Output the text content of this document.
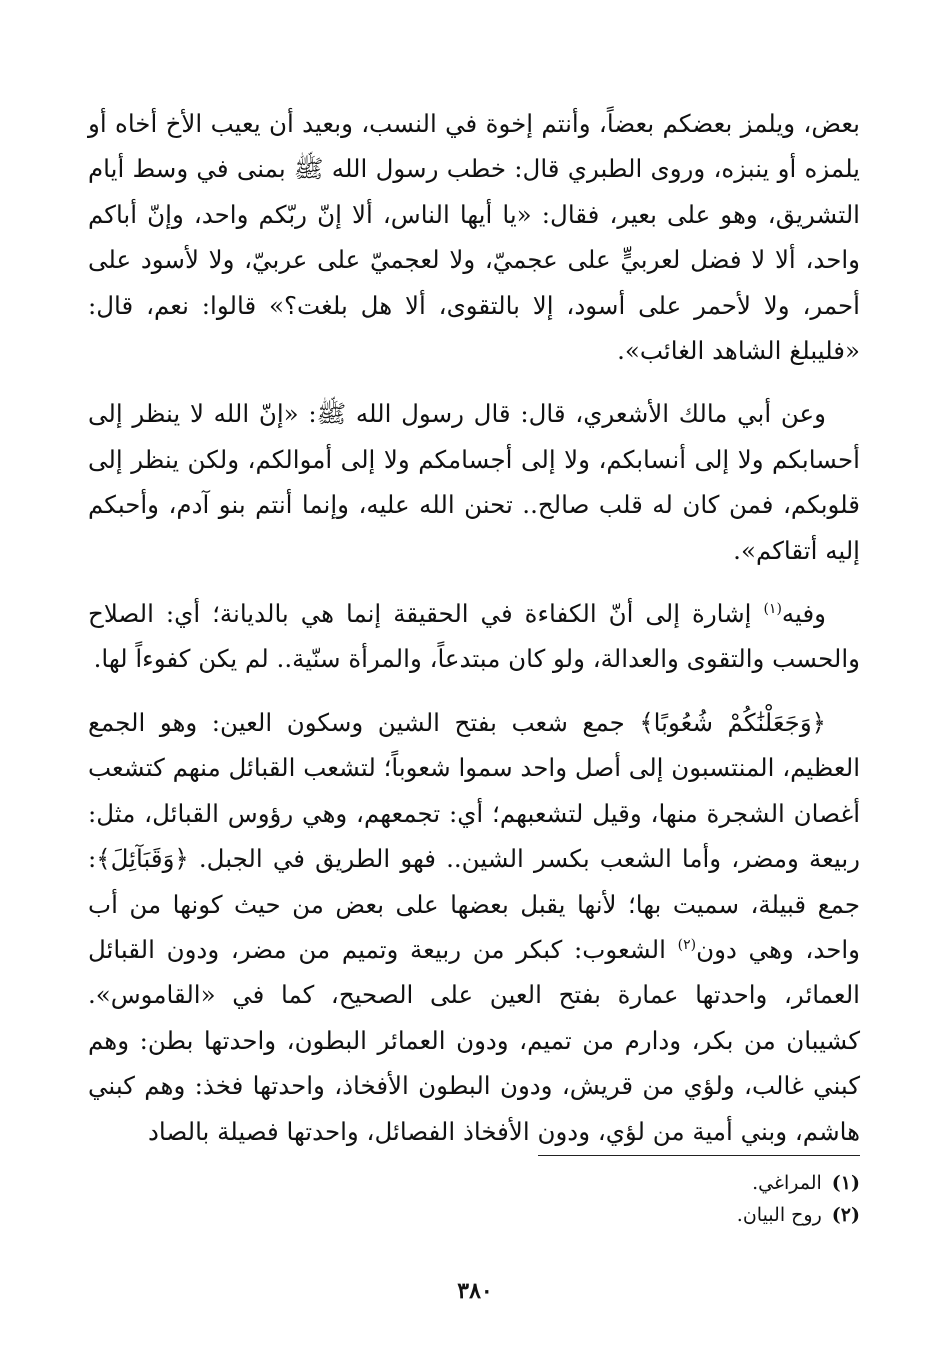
بعض، ويلمز بعضكم بعضاً، وأنتم إخوة في النسب، وبعيد أن يعيب الأخ أخاه أو يلمزه أو ينبزه، وروى الطبري قال: خطب رسول الله ﷺ بمنى في وسط أيام التشريق، وهو على بعير، فقال: «يا أيها الناس، ألا إنّ ربّكم واحد، وإنّ أباكم واحد، ألا لا فضل لعربيٍّ على عجميّ، ولا لعجميّ على عربيّ، ولا لأسود على أحمر، ولا لأحمر على أسود، إلا بالتقوى، ألا هل بلغت؟» قالوا: نعم، قال: «فليبلغ الشاهد الغائب».

وعن أبي مالك الأشعري، قال: قال رسول الله ﷺ: «إنّ الله لا ينظر إلى أحسابكم ولا إلى أنسابكم، ولا إلى أجسامكم ولا إلى أموالكم، ولكن ينظر إلى قلوبكم، فمن كان له قلب صالح.. تحنن الله عليه، وإنما أنتم بنو آدم، وأحبكم إليه أتقاكم».

وفيه$^{(١)}$ إشارة إلى أنّ الكفاءة في الحقيقة إنما هي بالديانة؛ أي: الصلاح والحسب والتقوى والعدالة، ولو كان مبتدعاً، والمرأة سنّية.. لم يكن كفوءاً لها.

﴿وَجَعَلْنَٰكُمْ شُعُوبًا﴾ جمع شعب بفتح الشين وسكون العين: وهو الجمع العظيم، المنتسبون إلى أصل واحد سموا شعوباً؛ لتشعب القبائل منهم كتشعب أغصان الشجرة منها، وقيل لتشعبهم؛ أي: تجمعهم، وهي رؤوس القبائل، مثل: ربيعة ومضر، وأما الشعب بكسر الشين.. فهو الطريق في الجبل. ﴿وَقَبَآئِلَ﴾: جمع قبيلة، سميت بها؛ لأنها يقبل بعضها على بعض من حيث كونها من أب واحد، وهي دون$^{(٢)}$ الشعوب: كبكر من ربيعة وتميم من مضر، ودون القبائل العمائر، واحدتها عمارة بفتح العين على الصحيح، كما في «القاموس». كشيبان من بكر، ودارم من تميم، ودون العمائر البطون، واحدتها بطن: وهم كبني غالب، ولؤي من قريش، ودون البطون الأفخاذ، واحدتها فخذ: وهم كبني هاشم، وبني أمية من لؤي، ودون الأفخاذ الفصائل، واحدتها فصيلة بالصاد

(١)المراغي.
(٢)روح البيان.
٣٨٠
